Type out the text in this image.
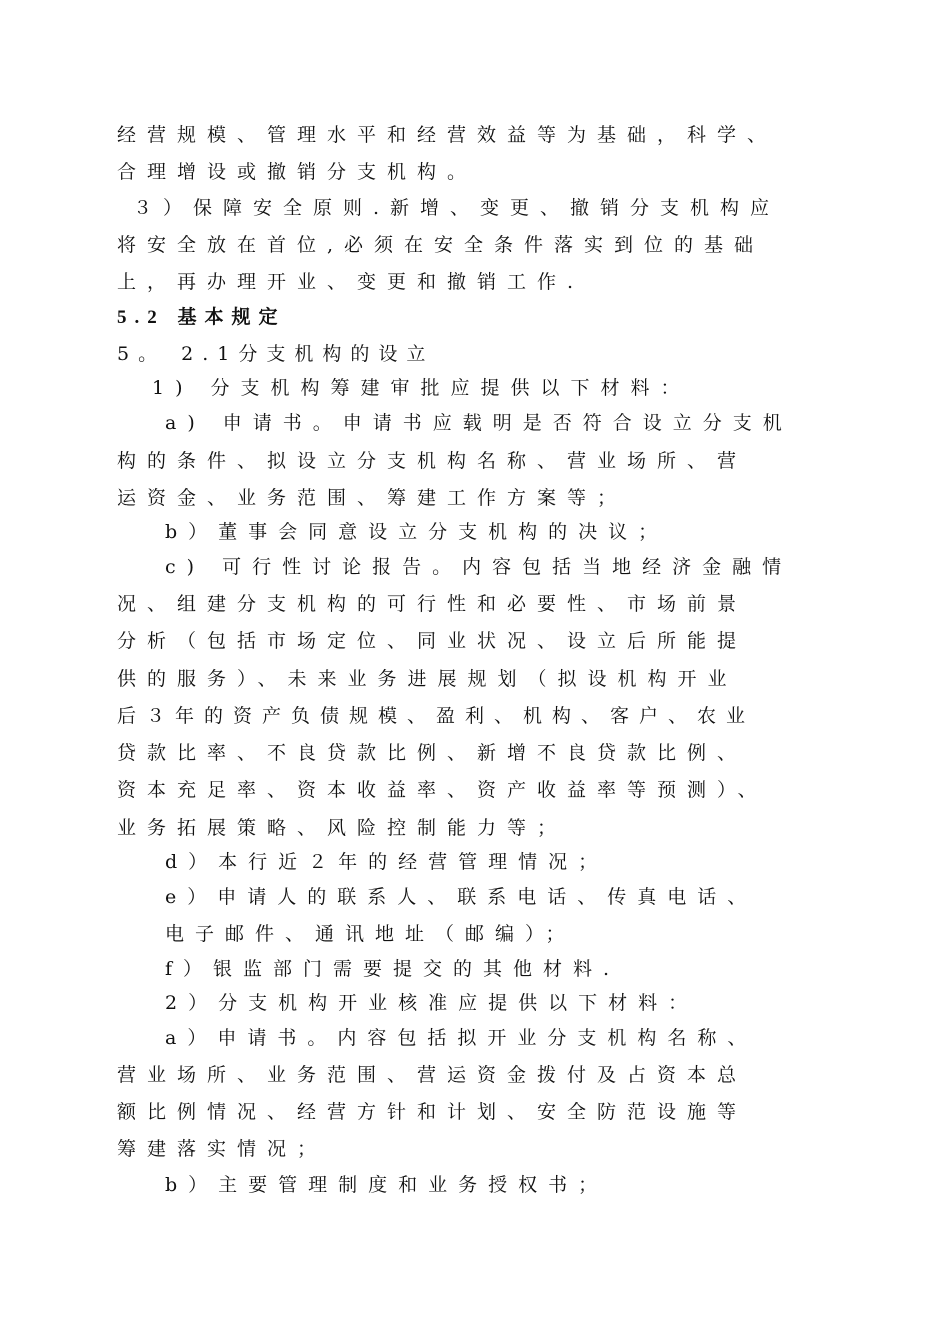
经营规模、管理水平和经营效益等为基础，科学、
合理增设或撤销分支机构。
３）保障安全原则.新增、变更、撤销分支机构应
将安全放在首位,必须在安全条件落实到位的基础
上，再办理开业、变更和撤销工作.
5.2 基本规定
5。 2.1分支机构的设立
1) 分支机构筹建审批应提供以下材料：
a) 申请书。申请书应载明是否符合设立分支机
构的条件、拟设立分支机构名称、营业场所、营
运资金、业务范围、筹建工作方案等；
b）董事会同意设立分支机构的决议；
c) 可行性讨论报告。内容包括当地经济金融情
况、组建分支机构的可行性和必要性、市场前景
分析（包括市场定位、同业状况、设立后所能提
供的服务）、未来业务进展规划（拟设机构开业
后３年的资产负债规模、盈利、机构、客户、农业
贷款比率、不良贷款比例、新增不良贷款比例、
资本充足率、资本收益率、资产收益率等预测）、
业务拓展策略、风险控制能力等；
d）本行近２年的经营管理情况；
e）申请人的联系人、联系电话、传真电话、
电子邮件、通讯地址（邮编）；
f）银监部门需要提交的其他材料.
2）分支机构开业核准应提供以下材料：
a）申请书。内容包括拟开业分支机构名称、
营业场所、业务范围、营运资金拨付及占资本总
额比例情况、经营方针和计划、安全防范设施等
筹建落实情况；
b）主要管理制度和业务授权书；
